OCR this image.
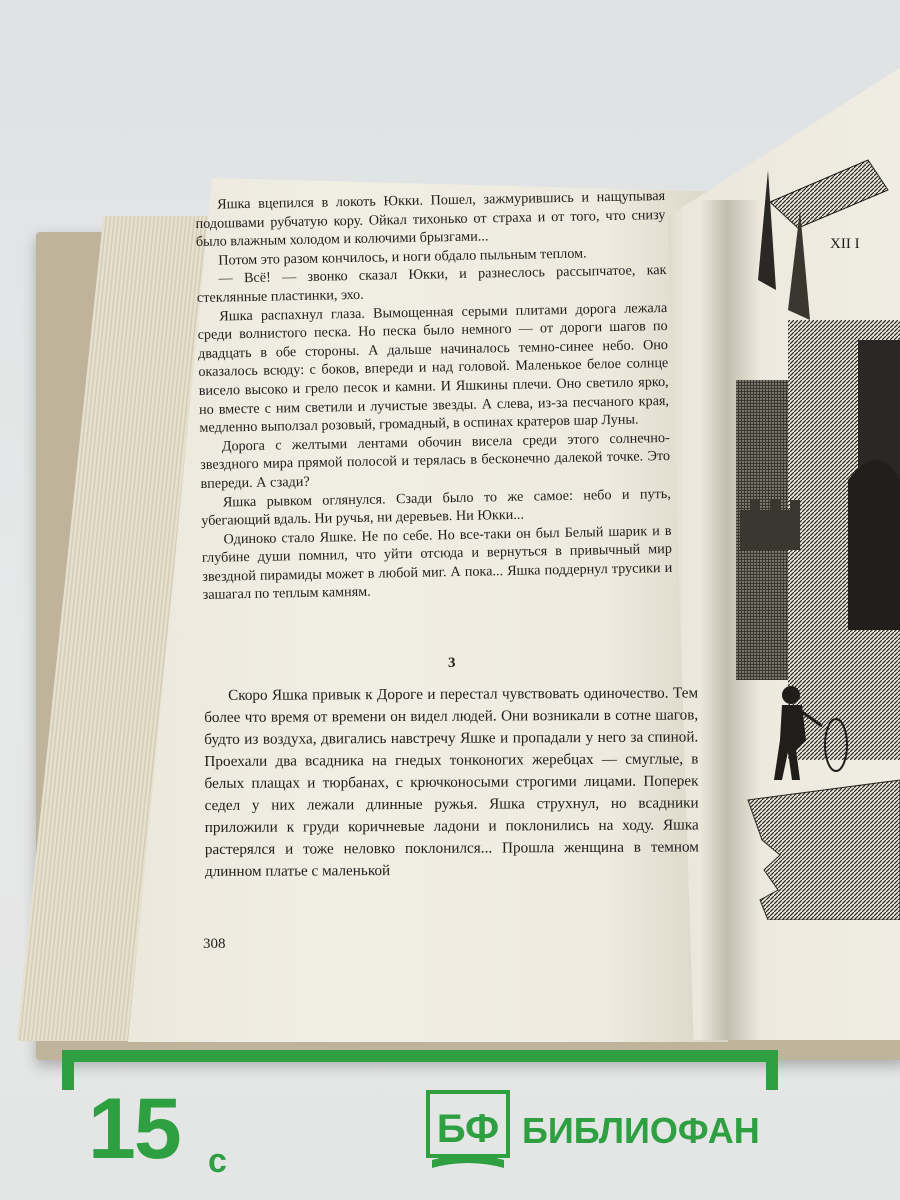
Яшка вцепился в локоть Юкки. Пошел, зажмурившись и нащупывая подошвами рубчатую кору. Ойкал тихонько от страха и от того, что снизу было влажным холодом и колючими брызгами...

Потом это разом кончилось, и ноги обдало пыльным теплом.

— Всё! — звонко сказал Юкки, и разнеслось рассыпчатое, как стеклянные пластинки, эхо.

Яшка распахнул глаза. Вымощенная серыми плитами дорога лежала среди волнистого песка. Но песка было немного — от дороги шагов по двадцать в обе стороны. А дальше начиналось темно-синее небо. Оно оказалось всюду: с боков, впереди и над головой. Маленькое белое солнце висело высоко и грело песок и камни. И Яшкины плечи. Оно светило ярко, но вместе с ним светили и лучистые звезды. А слева, из-за песчаного края, медленно выползал розовый, громадный, в оспинах кратеров шар Луны.

Дорога с желтыми лентами обочин висела среди этого солнечно-звездного мира прямой полосой и терялась в бесконечно далекой точке. Это впереди. А сзади?

Яшка рывком оглянулся. Сзади было то же самое: небо и путь, убегающий вдаль. Ни ручья, ни деревьев. Ни Юкки...

Одиноко стало Яшке. Не по себе. Но все-таки он был Белый шарик и в глубине души помнил, что уйти отсюда и вернуться в привычный мир звездной пирамиды может в любой миг. А пока... Яшка поддернул трусики и зашагал по теплым камням.

3

Скоро Яшка привык к Дороге и перестал чувствовать одиночество. Тем более что время от времени он видел людей. Они возникали в сотне шагов, будто из воздуха, двигались навстречу Яшке и пропадали у него за спиной. Проехали два всадника на гнедых тонконогих жеребцах — смуглые, в белых плащах и тюрбанах, с крючконосыми строгими лицами. Поперек седел у них лежали длинные ружья. Яшка струхнул, но всадники приложили к груди коричневые ладони и поклонились на ходу. Яшка растерялся и тоже неловко поклонился... Прошла женщина в темном длинном платье с маленькой

308
XII I
15 с
БФ БИБЛИОФАН
